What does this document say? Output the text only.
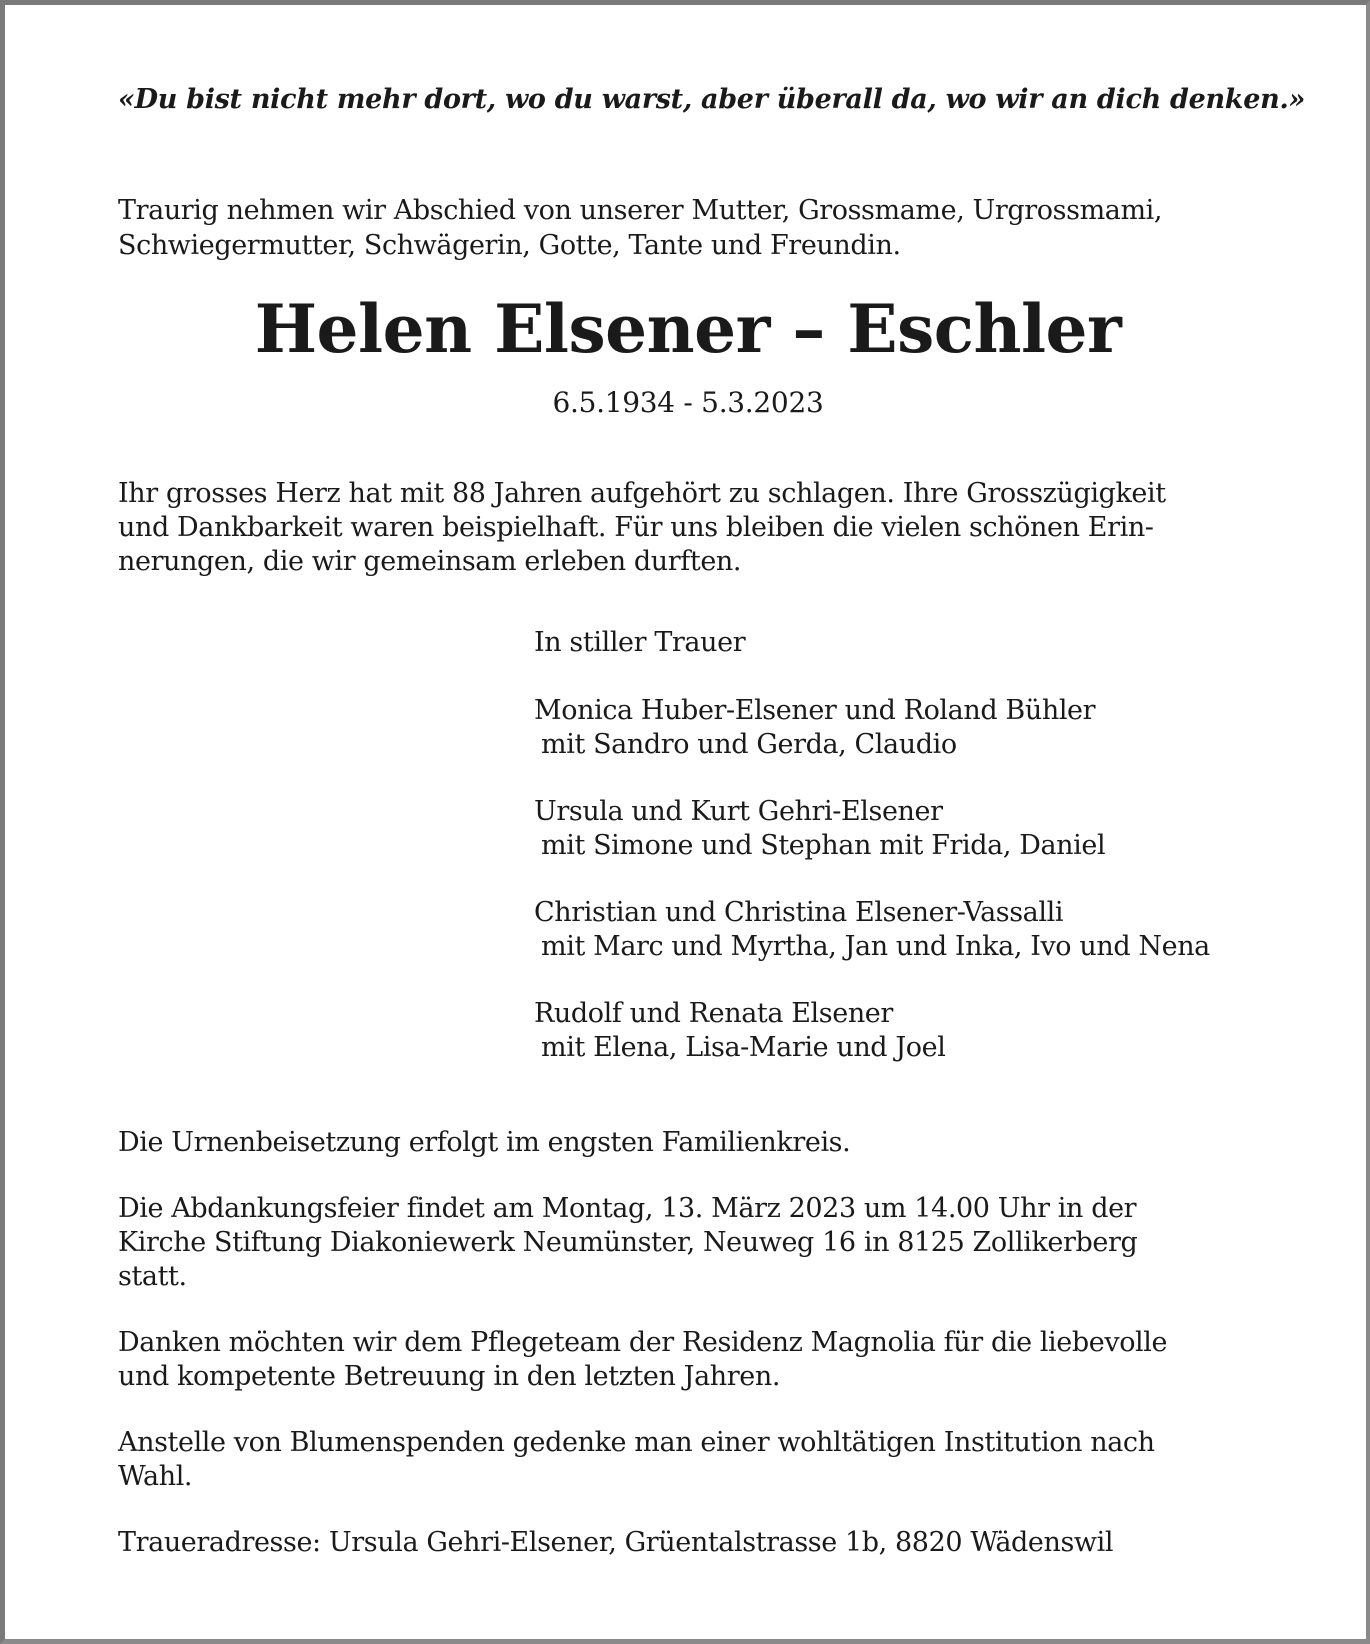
«Du bist nicht mehr dort, wo du warst, aber überall da, wo wir an dich denken.»
Traurig nehmen wir Abschied von unserer Mutter, Grossmame, Urgrossmami,
Schwiegermutter, Schwägerin, Gotte, Tante und Freundin.
Helen Elsener – Eschler
6.5.1934 - 5.3.2023
Ihr grosses Herz hat mit 88 Jahren aufgehört zu schlagen. Ihre Grosszügigkeit
und Dankbarkeit waren beispielhaft. Für uns bleiben die vielen schönen Erin-
nerungen, die wir gemeinsam erleben durften.
In stiller Trauer
Monica Huber-Elsener und Roland Bühler
mit Sandro und Gerda, Claudio
Ursula und Kurt Gehri-Elsener
mit Simone und Stephan mit Frida, Daniel
Christian und Christina Elsener-Vassalli
mit Marc und Myrtha, Jan und Inka, Ivo und Nena
Rudolf und Renata Elsener
mit Elena, Lisa-Marie und Joel
Die Urnenbeisetzung erfolgt im engsten Familienkreis.
Die Abdankungsfeier findet am Montag, 13. März 2023 um 14.00 Uhr in der
Kirche Stiftung Diakoniewerk Neumünster, Neuweg 16 in 8125 Zollikerberg
statt.
Danken möchten wir dem Pflegeteam der Residenz Magnolia für die liebevolle
und kompetente Betreuung in den letzten Jahren.
Anstelle von Blumenspenden gedenke man einer wohltätigen Institution nach
Wahl.
Traueradresse: Ursula Gehri-Elsener, Grüentalstrasse 1b, 8820 Wädenswil
